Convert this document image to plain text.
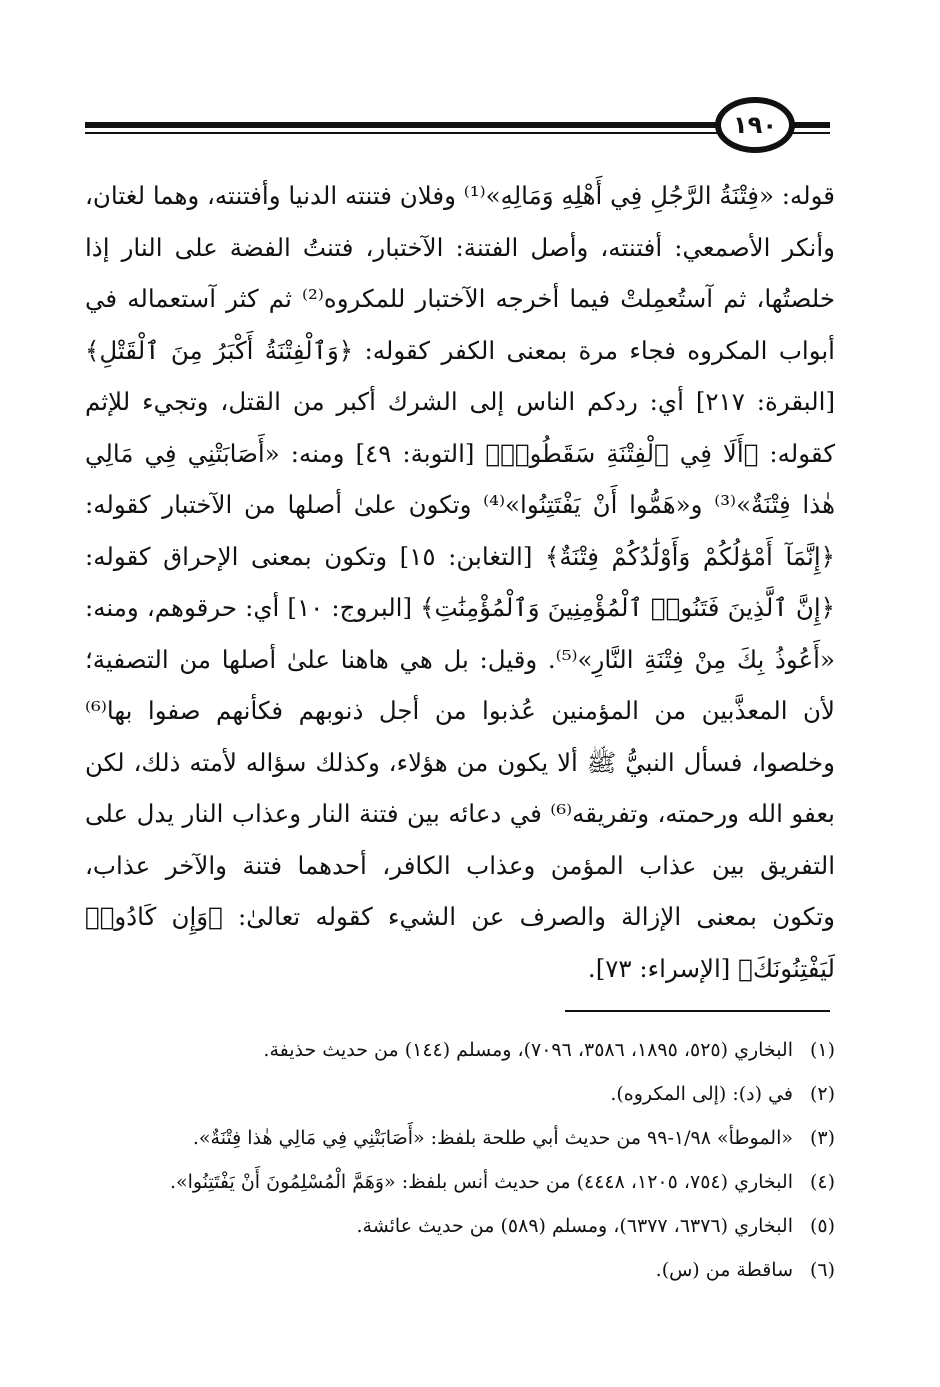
١٩٠

قوله: «فِتْنَةُ الرَّجُلِ فِي أَهْلِهِ وَمَالِهِ»⁽¹⁾ وفلان فتنته الدنيا وأفتنته، وهما لغتان، وأنكر الأصمعي: أفتنته، وأصل الفتنة: الآختبار، فتنتُ الفضة على النار إذا خلصتُها، ثم آستُعمِلتْ فيما أخرجه الآختبار للمكروه⁽²⁾ ثم كثر آستعماله في أبواب المكروه فجاء مرة بمعنى الكفر كقوله: ﴿وَٱلْفِتْنَةُ أَكْبَرُ مِنَ ٱلْقَتْلِ﴾ [البقرة: ٢١٧] أي: ردكم الناس إلى الشرك أكبر من القتل، وتجيء للإثم كقوله: ﴿أَلَا فِي ٱلْفِتْنَةِ سَقَطُوا۟﴾ [التوبة: ٤٩] ومنه: «أَصَابَتْنِي فِي مَالِي هٰذا فِتْنَةٌ»⁽³⁾ و«هَمُّوا أَنْ يَفْتَتِنُوا»⁽⁴⁾ وتكون علىٰ أصلها من الآختبار كقوله: ﴿إِنَّمَآ أَمْوَٰلُكُمْ وَأَوْلَٰدُكُمْ فِتْنَةٌ﴾ [التغابن: ١٥] وتكون بمعنى الإحراق كقوله: ﴿إِنَّ ٱلَّذِينَ فَتَنُوا۟ ٱلْمُؤْمِنِينَ وَٱلْمُؤْمِنَٰتِ﴾ [البروج: ١٠] أي: حرقوهم، ومنه: «أَعُوذُ بِكَ مِنْ فِتْنَةِ النَّارِ»⁽⁵⁾. وقيل: بل هي هاهنا علىٰ أصلها من التصفية؛ لأن المعذَّبين من المؤمنين عُذبوا من أجل ذنوبهم فكأنهم صفوا بها⁽⁶⁾ وخلصوا، فسأل النبيُّ ﷺ ألا يكون من هؤلاء، وكذلك سؤاله لأمته ذلك، لكن بعفو الله ورحمته، وتفريقه⁽⁶⁾ في دعائه بين فتنة النار وعذاب النار يدل على التفريق بين عذاب المؤمن وعذاب الكافر، أحدهما فتنة والآخر عذاب، وتكون بمعنى الإزالة والصرف عن الشيء كقوله تعالىٰ: ﴿وَإِن كَادُوا۟ لَيَفْتِنُونَكَ﴾ [الإسراء: ٧٣].

(١)
البخاري (٥٢٥، ١٨٩٥، ٣٥٨٦، ٧٠٩٦)، ومسلم (١٤٤) من حديث حذيفة.
(٢)
في (د): (إلى المكروه).
(٣)
«الموطأ» ١/٩٨-٩٩ من حديث أبي طلحة بلفظ: «أَصَابَتْنِي فِي مَالِي هٰذا فِتْنَةٌ».
(٤)
البخاري (٧٥٤، ١٢٠٥، ٤٤٤٨) من حديث أنس بلفظ: «وَهَمَّ الْمُسْلِمُونَ أَنْ يَفْتَتِنُوا».
(٥)
البخاري (٦٣٧٦، ٦٣٧٧)، ومسلم (٥٨٩) من حديث عائشة.
(٦)
ساقطة من (س).
